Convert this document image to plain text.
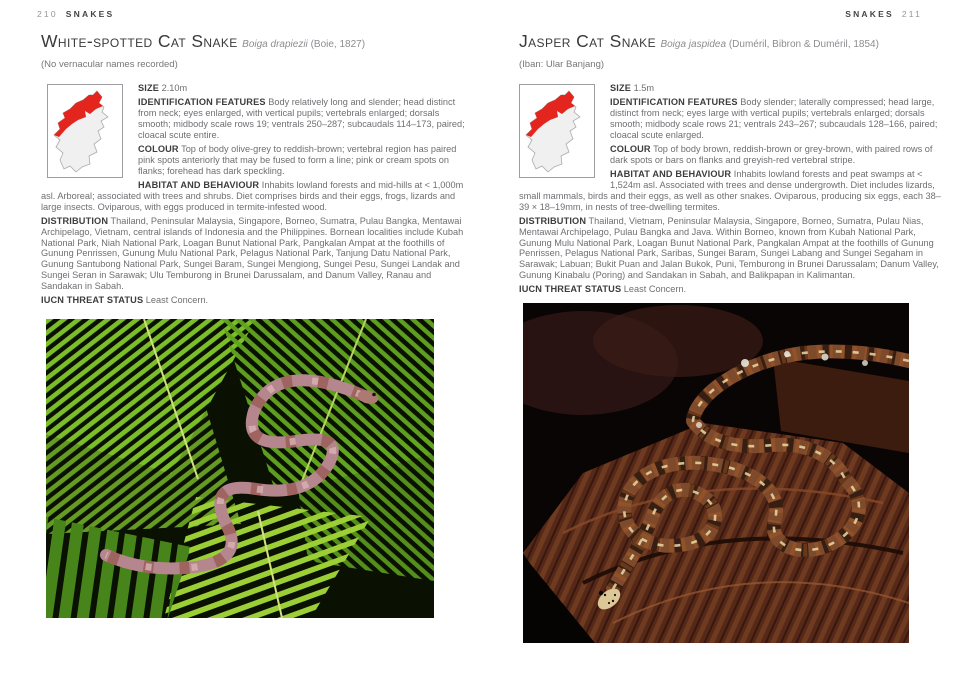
210 SNAKES
White-spotted Cat Snake Boiga drapiezii (Boie, 1827)
(No vernacular names recorded)

SIZE 2.10m

IDENTIFICATION FEATURES Body relatively long and slender; head distinct from neck; eyes enlarged, with vertical pupils; vertebrals enlarged; dorsals smooth; midbody scale rows 19; ventrals 250–287; subcaudals 114–173, paired; cloacal scute entire.

COLOUR Top of body olive-grey to reddish-brown; vertebral region has paired pink spots anteriorly that may be fused to form a line; pink or cream spots on flanks; forehead has dark speckling.

HABITAT AND BEHAVIOUR Inhabits lowland forests and mid-hills at < 1,000m asl. Arboreal; associated with trees and shrubs. Diet comprises birds and their eggs, frogs, lizards and large insects. Oviparous, with eggs produced in termite-infested wood.

DISTRIBUTION Thailand, Peninsular Malaysia, Singapore, Borneo, Sumatra, Pulau Bangka, Mentawai Archipelago, Vietnam, central islands of Indonesia and the Philippines. Bornean localities include Kubah National Park, Niah National Park, Loagan Bunut National Park, Pangkalan Ampat at the foothills of Gunung Penrissen, Gunung Mulu National Park, Pelagus National Park, Tanjung Datu National Park, Gunung Santubong National Park, Sungei Baram, Sungei Mengiong, Sungei Pesu, Sungei Landak and Sungei Seran in Sarawak; Ulu Temburong in Brunei Darussalam, and Danum Valley, Ranau and Sandakan in Sabah.

IUCN THREAT STATUS Least Concern.

SNAKES 211
Jasper Cat Snake Boiga jaspidea (Duméril, Bibron & Duméril, 1854)
(Iban: Ular Banjang)

SIZE 1.5m

IDENTIFICATION FEATURES Body slender; laterally compressed; head large, distinct from neck; eyes large with vertical pupils; vertebrals enlarged; dorsals smooth; midbody scale rows 21; ventrals 243–267; subcaudals 128–166, paired; cloacal scute enlarged.

COLOUR Top of body brown, reddish-brown or grey-brown, with paired rows of dark spots or bars on flanks and greyish-red vertebral stripe.

HABITAT AND BEHAVIOUR Inhabits lowland forests and peat swamps at < 1,524m asl. Associated with trees and dense undergrowth. Diet includes lizards, small mammals, birds and their eggs, as well as other snakes. Oviparous, producing six eggs, each 38–39 × 18–19mm, in nests of tree-dwelling termites.

DISTRIBUTION Thailand, Vietnam, Peninsular Malaysia, Singapore, Borneo, Sumatra, Pulau Nias, Mentawai Archipelago, Pulau Bangka and Java. Within Borneo, known from Kubah National Park, Gunung Mulu National Park, Loagan Bunut National Park, Pangkalan Ampat at the foothills of Gunung Penrissen, Pelagus National Park, Saribas, Sungei Baram, Sungei Labang and Sungei Segaham in Sarawak; Labuan; Bukit Puan and Jalan Bukok, Puni, Temburong in Brunei Darussalam; Danum Valley, Gunung Kinabalu (Poring) and Sandakan in Sabah, and Balikpapan in Kalimantan.

IUCN THREAT STATUS Least Concern.
